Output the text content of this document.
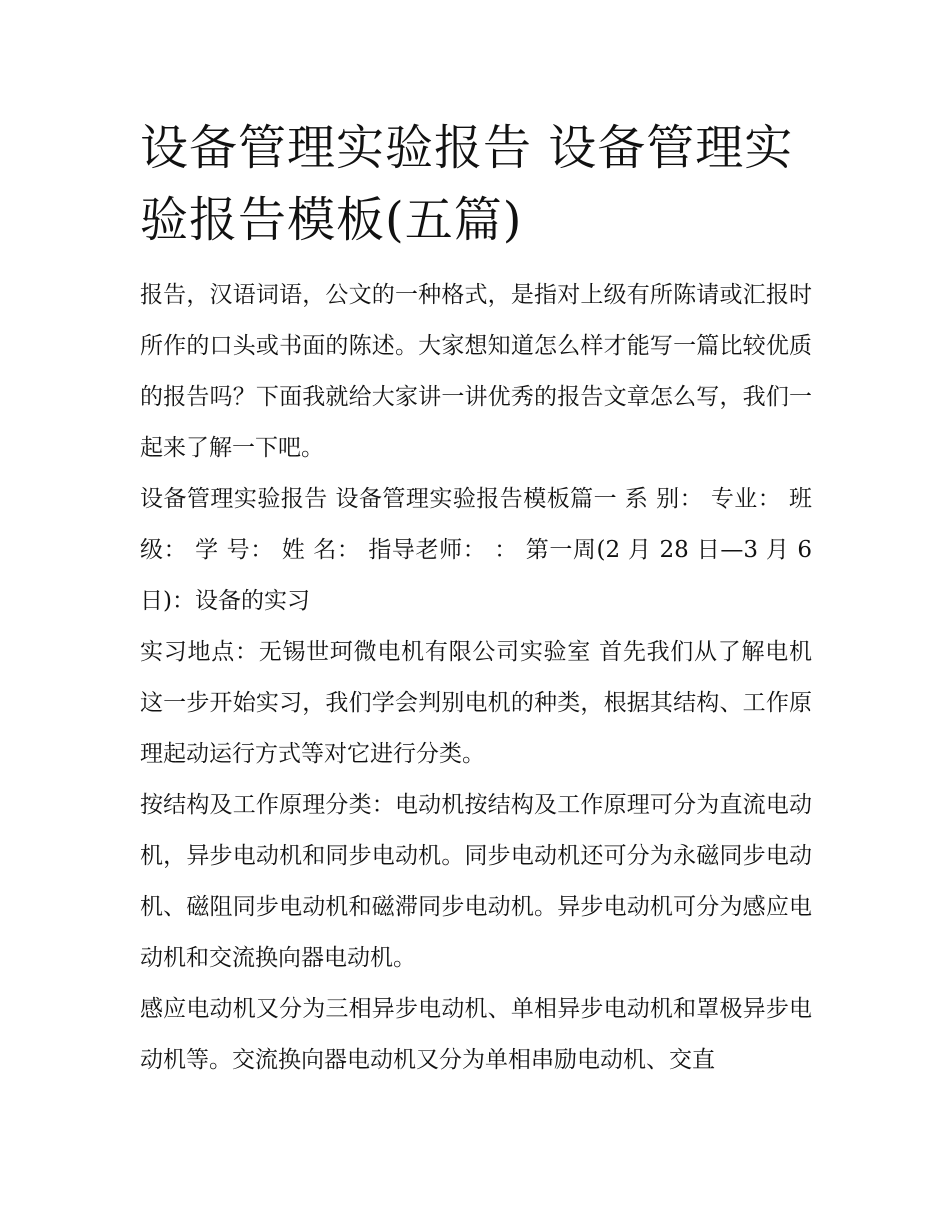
设备管理实验报告 设备管理实验报告模板(五篇)

报告，汉语词语，公文的一种格式，是指对上级有所陈请或汇报时所作的口头或书面的陈述。大家想知道怎么样才能写一篇比较优质的报告吗？下面我就给大家讲一讲优秀的报告文章怎么写，我们一起来了解一下吧。

设备管理实验报告 设备管理实验报告模板篇一 系 别： 专业： 班 级： 学 号： 姓 名： 指导老师： ： 第一周(2 月 28 日—3 月 6 日)：设备的实习

实习地点：无锡世珂微电机有限公司实验室 首先我们从了解电机这一步开始实习，我们学会判别电机的种类，根据其结构、工作原理起动运行方式等对它进行分类。

按结构及工作原理分类：电动机按结构及工作原理可分为直流电动机，异步电动机和同步电动机。同步电动机还可分为永磁同步电动机、磁阻同步电动机和磁滞同步电动机。异步电动机可分为感应电动机和交流换向器电动机。

感应电动机又分为三相异步电动机、单相异步电动机和罩极异步电动机等。交流换向器电动机又分为单相串励电动机、交直
